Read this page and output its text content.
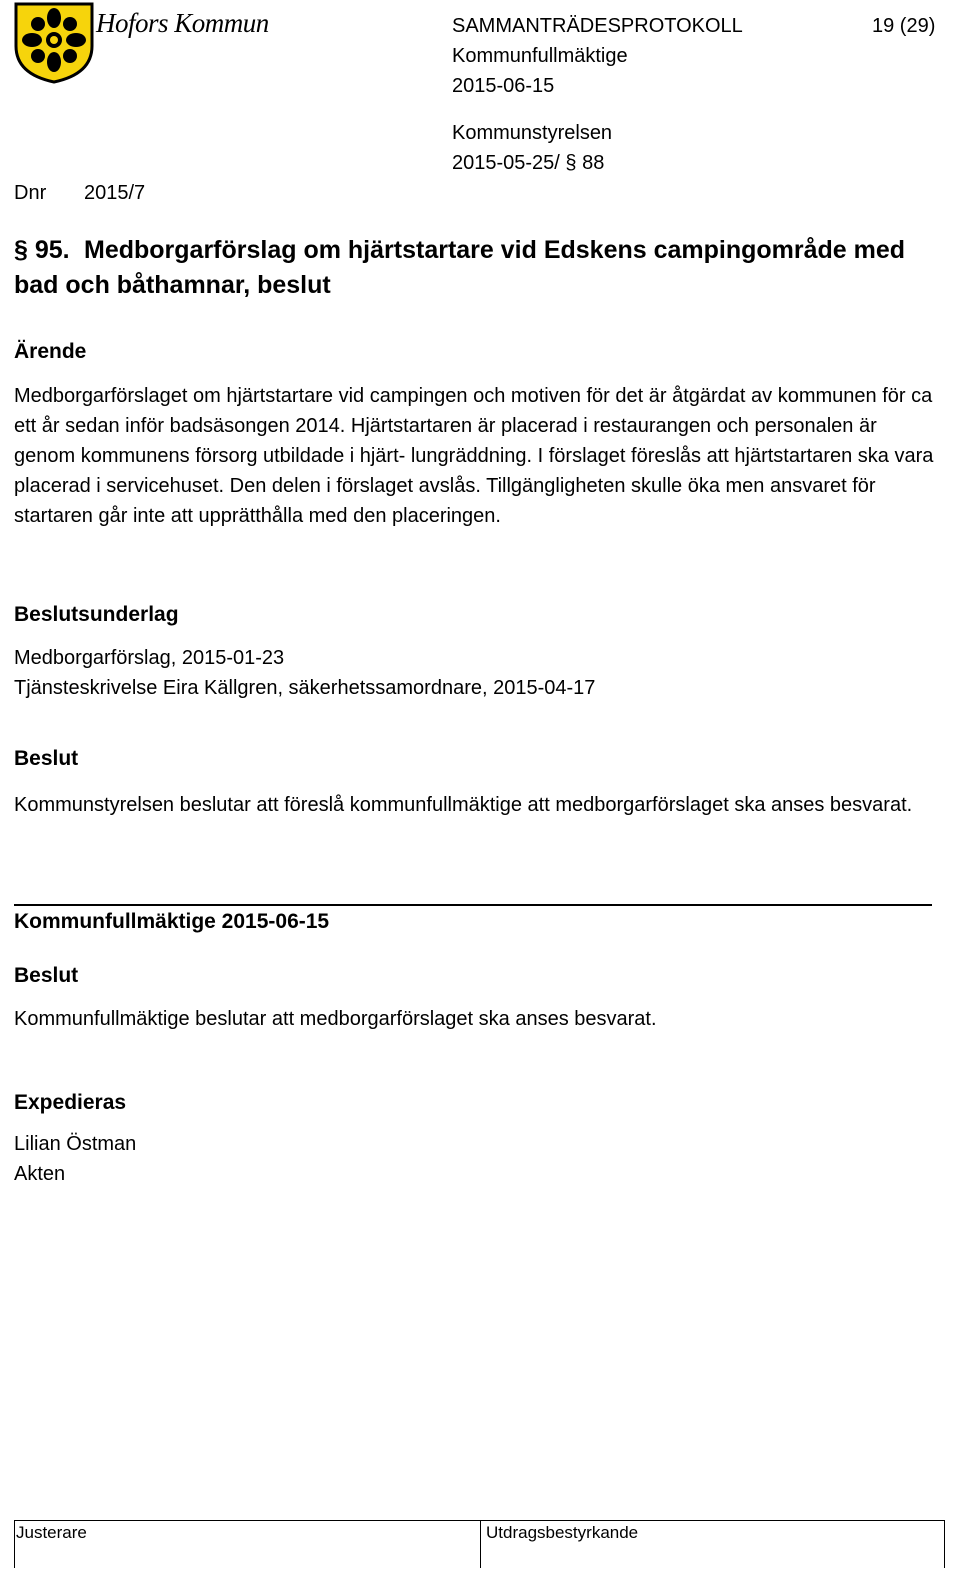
Hofors Kommun	SAMMANTRÄDESPROTOKOLL	19 (29)
Kommunfullmäktige
2015-06-15
Kommunstyrelsen
2015-05-25/ § 88
Dnr 2015/7
§ 95. Medborgarförslag om hjärtstartare vid Edskens campingområde med bad och båthamnar, beslut
Ärende
Medborgarförslaget om hjärtstartare vid campingen och motiven för det är åtgärdat av kommunen för ca ett år sedan inför badsäsongen 2014. Hjärtstartaren är placerad i restaurangen och personalen är genom kommunens försorg utbildade i hjärt- lungräddning. I förslaget föreslås att hjärtstartaren ska vara placerad i servicehuset. Den delen i förslaget avslås. Tillgängligheten skulle öka men ansvaret för startaren går inte att upprätthålla med den placeringen.
Beslutsunderlag
Medborgarförslag, 2015-01-23
Tjänsteskrivelse Eira Källgren, säkerhetssamordnare, 2015-04-17
Beslut
Kommunstyrelsen beslutar att föreslå kommunfullmäktige att medborgarförslaget ska anses besvarat.
Kommunfullmäktige 2015-06-15
Beslut
Kommunfullmäktige beslutar att medborgarförslaget ska anses besvarat.
Expedieras
Lilian Östman
Akten
Justerare	Utdragsbestyrkande
